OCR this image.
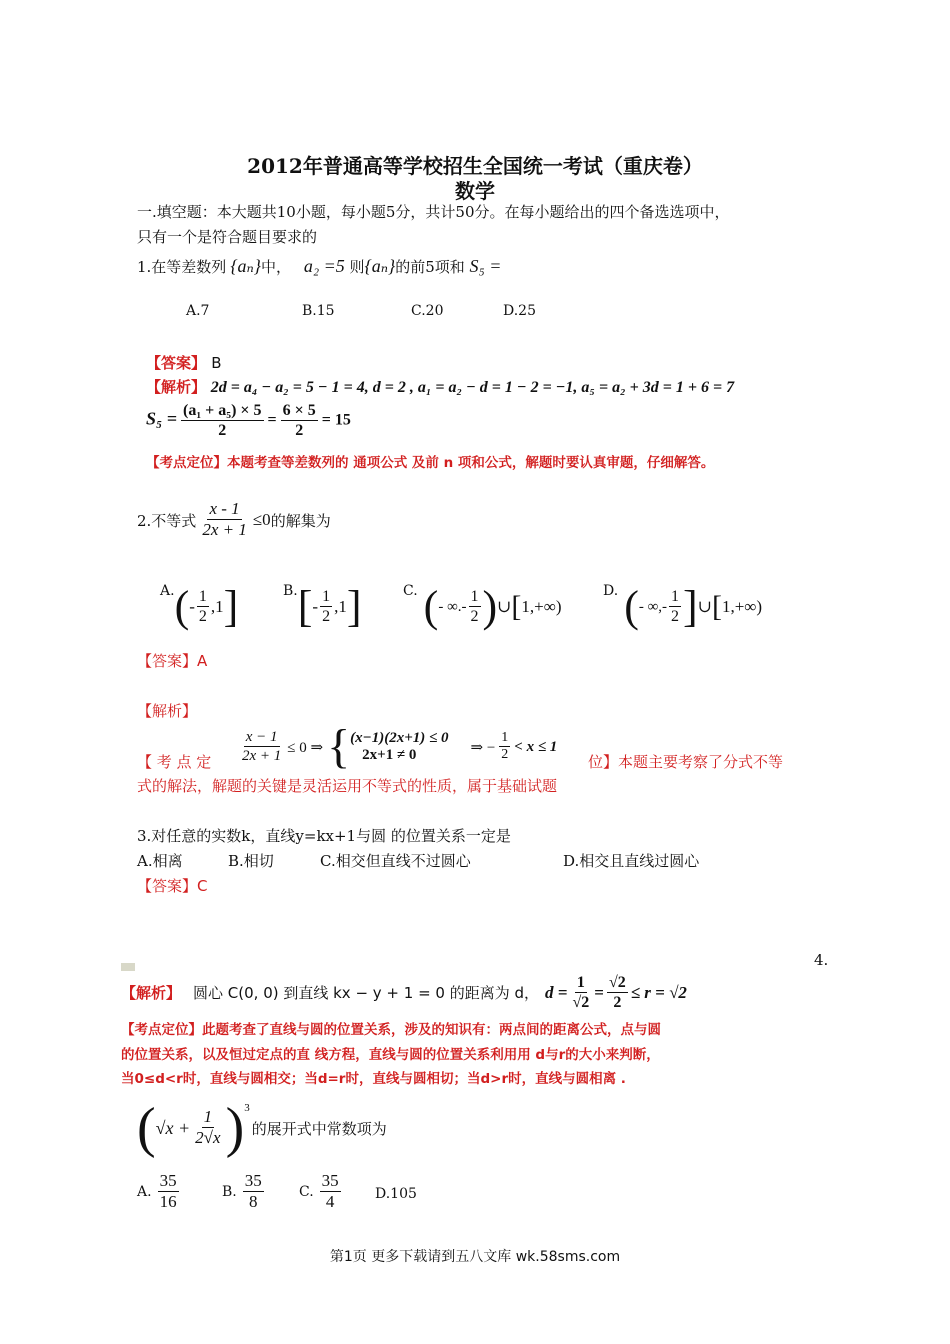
2012年普通高等学校招生全国统一考试（重庆卷）
数学
一.填空题：本大题共10小题，每小题5分，共计50分。在每小题给出的四个备选选项中，
只有一个是符合题目要求的
1.在等差数列 {aₙ}中， a₂ =5 则{aₙ}的前5项和 S₅ =
A.7	B.15	C.20	D.25
【答案】 B
【解析】 2d = a₄ − a₂ = 5 − 1 = 4, d = 2 , a₁ = a₂ − d = 1 − 2 = −1, a₅ = a₂ + 3d = 1 + 6 = 7
$S_5 = \frac{\text{(a₁ + a₅) × 5}}{2} = \frac{6 \times 5}{2} = 15$
【考点定位】本题考查等差数列的 通项公式 及前 n 项和公式，解题时要认真审题，仔细解答。
2.不等式 $\frac{x - 1}{2x + 1} \le 0$ 的解集为
A. ( - $\frac{1}{2} ,1$ ]	B. [ - $\frac{1}{2} ,1$ ]	C. ( - ∞.- $\frac{1}{2}$ ) ∪ [ 1,+∞)
D. ( - ∞,- $\frac{1}{2}$ ] ∪ [ 1,+∞)
【答案】A
【解析】
$\frac{x - 1}{2x + 1} \le 0$ ⇒ { (x−1)(2x+1) ≤ 0
2x+1 ≠ 0	⇒ − $\frac{1}{2} < x \le 1$
【 考 点 定	位】本题主要考察了分式不等
式的解法，解题的关键是灵活运用不等式的性质，属于基础试题
3.对任意的实数k，直线y=kx+1与圆 的位置关系一定是
A.相离	B.相切	C.相交但直线不过圆心	D.相交且直线过圆心
【答案】C
4.
【解析】 圆心 C(0, 0) 到直线 kx − y + 1 = 0 的距离为 d， $d = \frac{1}{√2} = \frac{√2}{2} \le r = √2$
【考点定位】此题考查了直线与圆的位置关系，涉及的知识有：两点间的距离公式，点与圆
的位置关系，以及恒过定点的直 线方程，直线与圆的位置关系利用用 d与r的大小来判断，
当0≤d<r时，直线与圆相交；当d=r时，直线与圆相切；当d>r时，直线与圆相离 .
( $√x + \frac{1}{2√x}$ ) 3
的展开式中常数项为
A. $\frac{35}{16}$	B. $\frac{35}{8}$	C. $\frac{35}{4} D.105$
第1页 更多下载请到五八文库 wk.58sms.com
